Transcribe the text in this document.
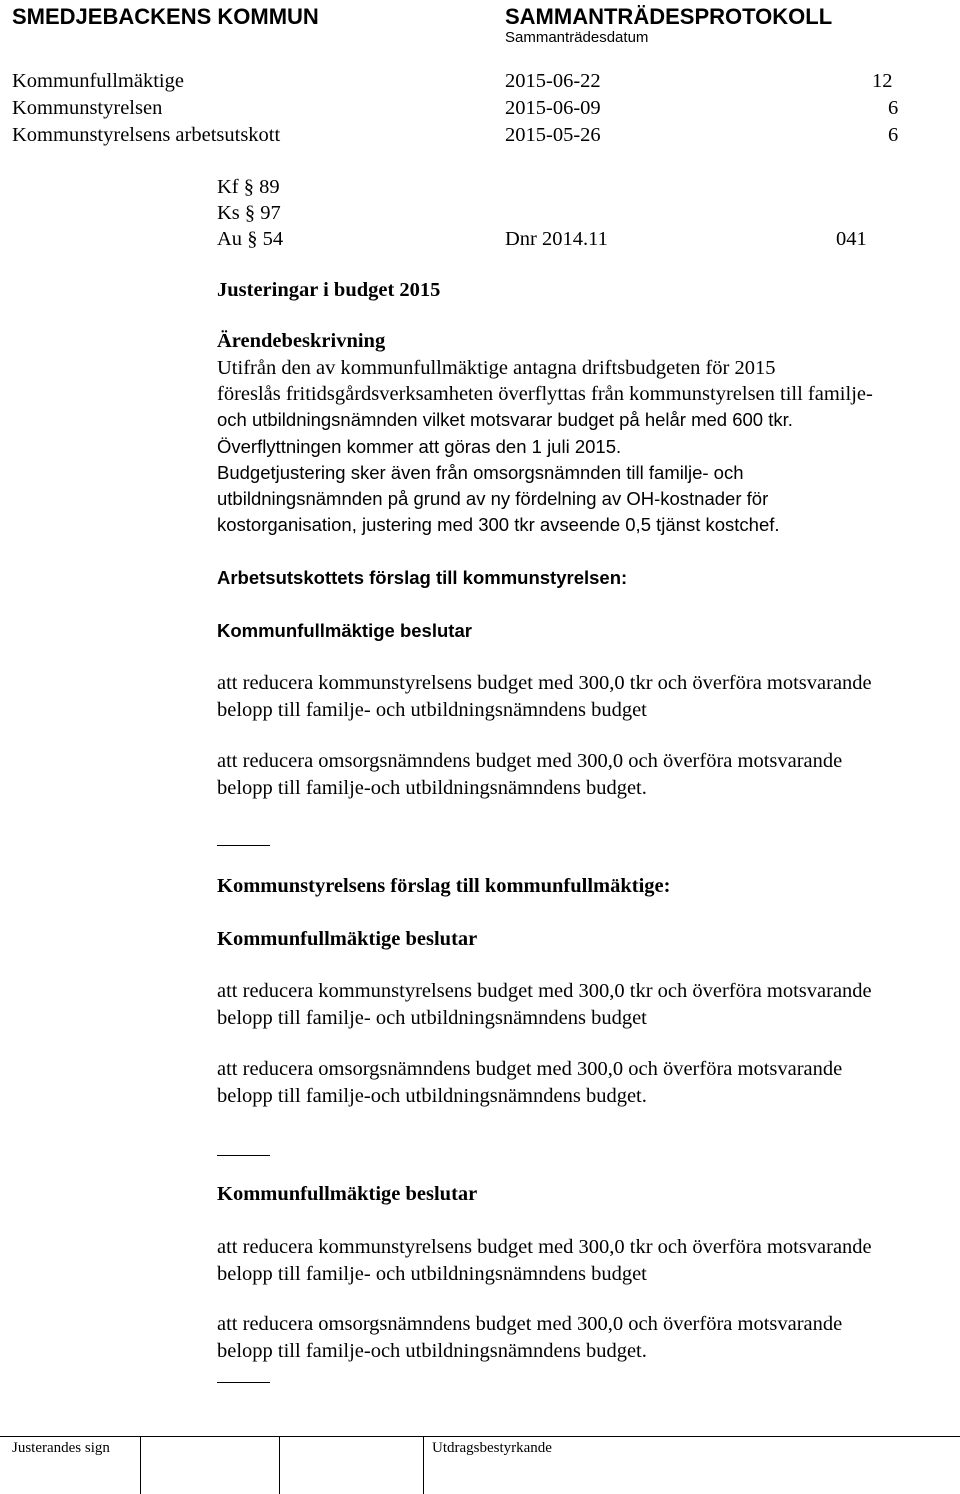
SMEDJEBACKENS KOMMUN	SAMMANTRÄDESPROTOKOLL
Sammanträdesdatum
Kommunfullmäktige	2015-06-22	12
Kommunstyrelsen	2015-06-09	6
Kommunstyrelsens arbetsutskott	2015-05-26	6
Kf § 89
Ks § 97
Au § 54	Dnr 2014.11	041
Justeringar i budget 2015
Ärendebeskrivning
Utifrån den av kommunfullmäktige antagna driftsbudgeten för 2015
föreslås fritidsgårdsverksamheten överflyttas från kommunstyrelsen till familje-
och utbildningsnämnden vilket motsvarar budget på helår med 600 tkr.
Överflyttningen kommer att göras den 1 juli 2015.
Budgetjustering sker även från omsorgsnämnden till familje- och
utbildningsnämnden på grund av ny fördelning av OH-kostnader för
kostorganisation, justering med 300 tkr avseende 0,5 tjänst kostchef.
Arbetsutskottets förslag till kommunstyrelsen:
Kommunfullmäktige beslutar
att reducera kommunstyrelsens budget med 300,0 tkr och överföra motsvarande
belopp till familje- och utbildningsnämndens budget
att reducera omsorgsnämndens budget med 300,0 och överföra motsvarande
belopp till familje-och utbildningsnämndens budget.
Kommunstyrelsens förslag till kommunfullmäktige:
Kommunfullmäktige beslutar
att reducera kommunstyrelsens budget med 300,0 tkr och överföra motsvarande
belopp till familje- och utbildningsnämndens budget
att reducera omsorgsnämndens budget med 300,0 och överföra motsvarande
belopp till familje-och utbildningsnämndens budget.
Kommunfullmäktige beslutar
att reducera kommunstyrelsens budget med 300,0 tkr och överföra motsvarande
belopp till familje- och utbildningsnämndens budget
att reducera omsorgsnämndens budget med 300,0 och överföra motsvarande
belopp till familje-och utbildningsnämndens budget.
Justerandes sign	Utdragsbestyrkande
